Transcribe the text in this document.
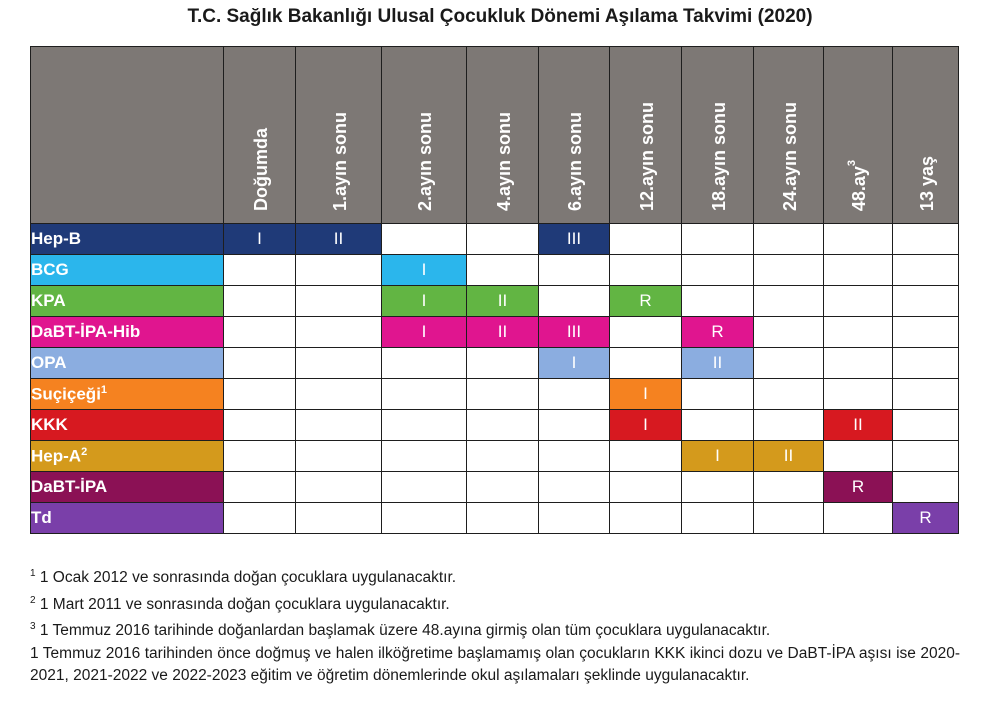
T.C. Sağlık Bakanlığı Ulusal Çocukluk Dönemi Aşılama Takvimi (2020)

	Doğumda	1.ayın sonu	2.ayın sonu	4.ayın sonu	6.ayın sonu	12.ayın sonu	18.ayın sonu	24.ayın sonu	$48.ay^3$	13 yaş

Hep-B	I	II			III					
BCG			I							
KPA			I	II		R				
DaBT-İPA-Hib			I	II	III		R			
OPA					I		II			
Suçiçeği$^1$						I				
KKK						I			II	
Hep-$A^2$							I	II		
DaBT-İPA									R	
Td										R

$^1$ 1 Ocak 2012 ve sonrasında doğan çocuklara uygulanacaktır.

$^2$ 1 Mart 2011 ve sonrasında doğan çocuklara uygulanacaktır.

$^3$ 1 Temmuz 2016 tarihinde doğanlardan başlamak üzere 48.ayına girmiş olan tüm çocuklara uygulanacaktır.

1 Temmuz 2016 tarihinden önce doğmuş ve halen ilköğretime başlamamış olan çocukların KKK ikinci dozu ve DaBT-İPA aşısı ise 2020-2021, 2021-2022 ve 2022-2023 eğitim ve öğretim dönemlerinde okul aşılamaları şeklinde uygulanacaktır.
